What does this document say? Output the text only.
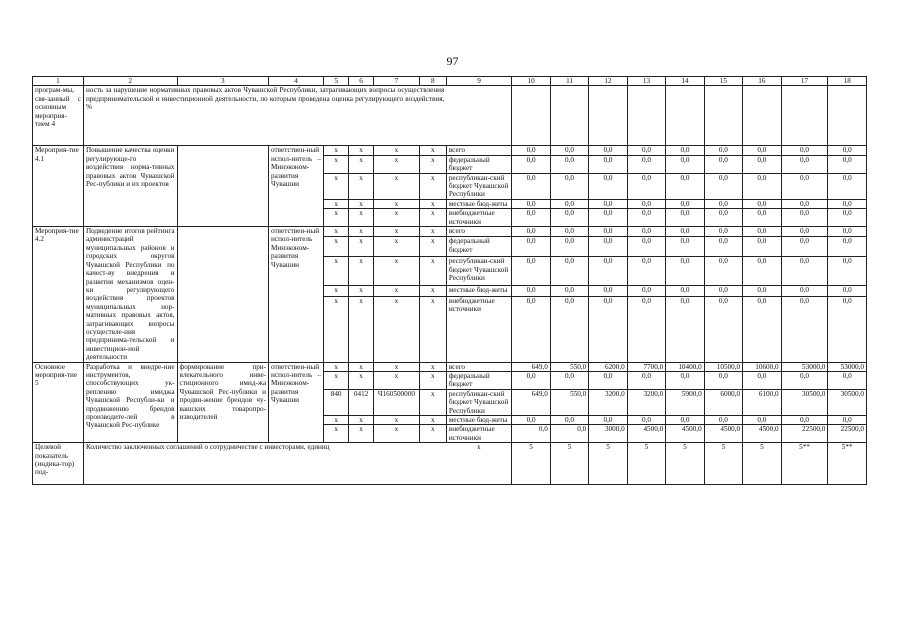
97
1	2	3	4	5	6	7	8	9	10	11	12	13	14	15	16	17	18
програм-мы, свя-занный с основным мероприя-тием 4	ность за нарушение нормативных правовых актов Чувашской Республики, затрагивающих вопросы осуществления предпринимательской и инвестиционной деятельности, по которым проведена оценка регулирующего воздействия, %																
Мероприя-тие 4.1	Повышение качества оценки регулирующе-го воздействия норма-тивных правовых актов Чувашской Рес-публики и их проектов		ответствен-ный испол-нитель – Минэконом-развития Чувашии	x	x	x	x	всего	0,0	0,0	0,0	0,0	0,0	0,0	0,0	0,0	0,0
				x	x	x	x	федеральный бюджет	0,0	0,0	0,0	0,0	0,0	0,0	0,0	0,0	0,0
				x	x	x	x	республикан-ский бюджет Чувашской Республики	0,0	0,0	0,0	0,0	0,0	0,0	0,0	0,0	0,0
				x	x	x	x	местные бюд-жеты	0,0	0,0	0,0	0,0	0,0	0,0	0,0	0,0	0,0
				x	x	x	x	внебюджетные источники	0,0	0,0	0,0	0,0	0,0	0,0	0,0	0,0	0,0
Мероприя-тие 4.2	Подведение итогов рейтинга администраций муниципальных районов и городских округов Чувашской Республики по качест-ву внедрения и развития механизмов оцен-ки регулирующего воздействия проектов муниципальных нор-мативных правовых актов, затрагивающих вопросы осуществле-ния предпринима-тельской и инвестицион-ной деятельности		ответствен-ный испол-нитель Минэконом-развития Чувашии	x	x	x	x	всего	0,0	0,0	0,0	0,0	0,0	0,0	0,0	0,0	0,0
				x	x	x	x	федеральный бюджет	0,0	0,0	0,0	0,0	0,0	0,0	0,0	0,0	0,0
				x	x	x	x	республикан-ский бюджет Чувашской Республики	0,0	0,0	0,0	0,0	0,0	0,0	0,0	0,0	0,0
				x	x	x	x	местные бюд-жеты	0,0	0,0	0,0	0,0	0,0	0,0	0,0	0,0	0,0
				x	x	x	x	внебюджетные источники	0,0	0,0	0,0	0,0	0,0	0,0	0,0	0,0	0,0
Основное мероприя-тие 5	Разработка и внедре-ние инструментов, способствующих ук-реплению имиджа Чувашской Республи-ки и продвижению брендов производите-лей в Чувашской Рес-публике	формирование при-влекательного инве-стиционного имид-жа Чувашской Рес-публики и продви-жение брендов чу-вашских товаропро-изводителей	ответствен-ный испол-нитель – Минэконом-развития Чувашии	x	x	x	x	всего	649,0	550,0	6200,0	7700,0	10400,0	10500,0	10600,0	53000,0	53000,0
				x	x	x	x	федеральный бюджет	0,0	0,0	0,0	0,0	0,0	0,0	0,0	0,0	0,0
				840	0412	Ч160500000	x	республикан-ский бюджет Чувашской Республики	649,0	550,0	3200,0	3200,0	5900,0	6000,0	6100,0	30500,0	30500,0
				x	x	x	x	местные бюд-жеты	0,0	0,0	0,0	0,0	0,0	0,0	0,0	0,0	0,0
				x	x	x	x	внебюджетные источники	0,0	0,0	3000,0	4500,0	4500,0	4500,0	4500,0	22500,0	22500,0
Целевой показатель (индика-тор) под-	Количество заключенных соглашений о сотрудничестве с инвесторами, единиц							x	5	5	5	5	5	5	5	5**	5**
